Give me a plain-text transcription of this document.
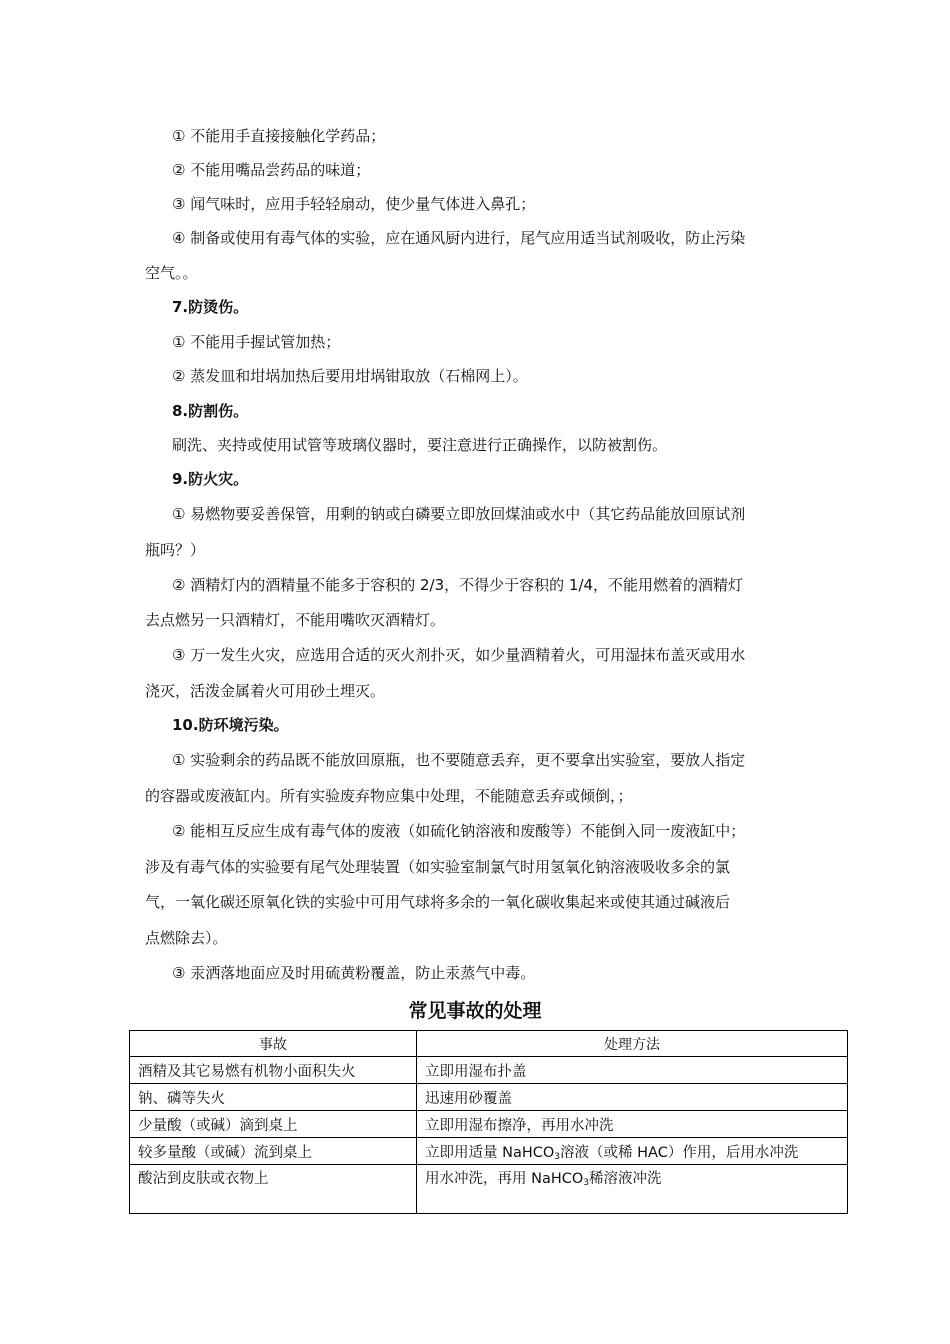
① 不能用手直接接触化学药品；
② 不能用嘴品尝药品的味道；
③ 闻气味时，应用手轻轻扇动，使少量气体进入鼻孔；
④ 制备或使用有毒气体的实验，应在通风厨内进行，尾气应用适当试剂吸收，防止污染
空气。。
7.防烫伤。
① 不能用手握试管加热；
② 蒸发皿和坩埚加热后要用坩埚钳取放（石棉网上）。
8.防割伤。
刷洗、夹持或使用试管等玻璃仪器时，要注意进行正确操作，以防被割伤。
9.防火灾。
① 易燃物要妥善保管，用剩的钠或白磷要立即放回煤油或水中（其它药品能放回原试剂
瓶吗？）
② 酒精灯内的酒精量不能多于容积的 2/3，不得少于容积的 1/4，不能用燃着的酒精灯
去点燃另一只酒精灯，不能用嘴吹灭酒精灯。
③ 万一发生火灾，应选用合适的灭火剂扑灭，如少量酒精着火，可用湿抹布盖灭或用水
浇灭，活泼金属着火可用砂土埋灭。
10.防环境污染。
① 实验剩余的药品既不能放回原瓶，也不要随意丢弃，更不要拿出实验室，要放人指定
的容器或废液缸内。所有实验废弃物应集中处理，不能随意丢弃或倾倒，；
② 能相互反应生成有毒气体的废液（如硫化钠溶液和废酸等）不能倒入同一废液缸中；
涉及有毒气体的实验要有尾气处理装置（如实验室制氯气时用氢氧化钠溶液吸收多余的氯
气，一氧化碳还原氧化铁的实验中可用气球将多余的一氧化碳收集起来或使其通过碱液后
点燃除去）。
③ 汞洒落地面应及时用硫黄粉覆盖，防止汞蒸气中毒。
常见事故的处理
事故	处理方法
酒精及其它易燃有机物小面积失火	立即用湿布扑盖
钠、磷等失火	迅速用砂覆盖
少量酸（或碱）滴到桌上	立即用湿布擦净，再用水冲洗
较多量酸（或碱）流到桌上	立即用适量 NaHCO$_3$溶液（或稀 HAC）作用，后用水冲洗
酸沾到皮肤或衣物上	用水冲洗，再用 NaHCO$_3$稀溶液冲洗
